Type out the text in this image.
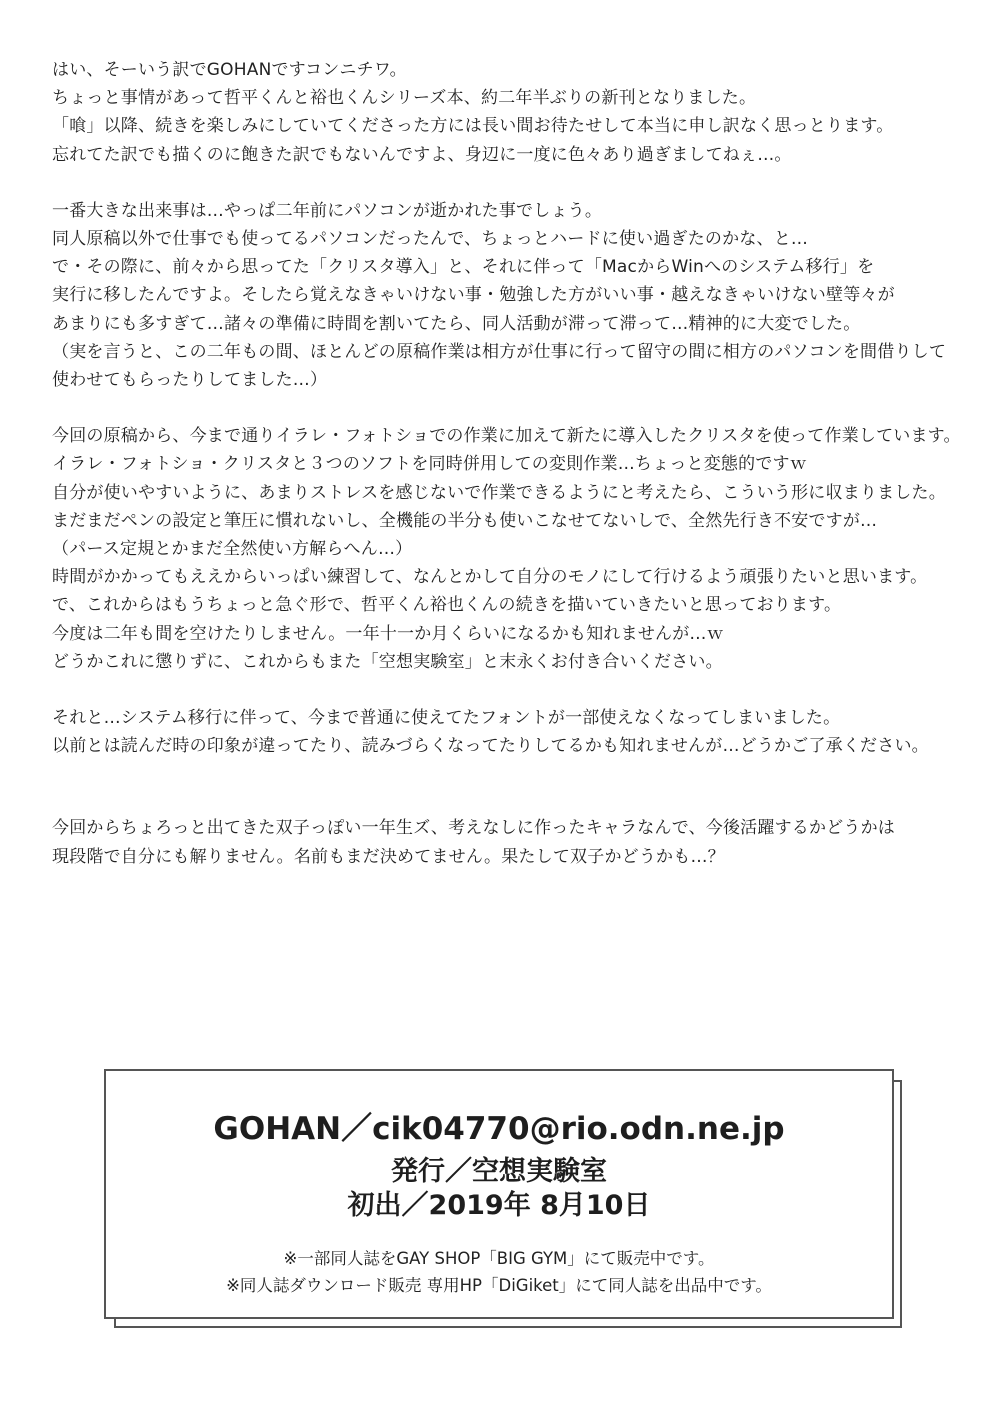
はい、そーいう訳でGOHANですコンニチワ。
ちょっと事情があって哲平くんと裕也くんシリーズ本、約二年半ぶりの新刊となりました。
「喰」以降、続きを楽しみにしていてくださった方には長い間お待たせして本当に申し訳なく思っとります。
忘れてた訳でも描くのに飽きた訳でもないんですよ、身辺に一度に色々あり過ぎましてねぇ…。
一番大きな出来事は…やっぱ二年前にパソコンが逝かれた事でしょう。
同人原稿以外で仕事でも使ってるパソコンだったんで、ちょっとハードに使い過ぎたのかな、と…
で・その際に、前々から思ってた「クリスタ導入」と、それに伴って「MacからWinへのシステム移行」を
実行に移したんですよ。そしたら覚えなきゃいけない事・勉強した方がいい事・越えなきゃいけない壁等々が
あまりにも多すぎて…諸々の準備に時間を割いてたら、同人活動が滞って滞って…精神的に大変でした。
（実を言うと、この二年もの間、ほとんどの原稿作業は相方が仕事に行って留守の間に相方のパソコンを間借りして
使わせてもらったりしてました…）
今回の原稿から、今まで通りイラレ・フォトショでの作業に加えて新たに導入したクリスタを使って作業しています。
イラレ・フォトショ・クリスタと３つのソフトを同時併用しての変則作業…ちょっと変態的ですｗ
自分が使いやすいように、あまりストレスを感じないで作業できるようにと考えたら、こういう形に収まりました。
まだまだペンの設定と筆圧に慣れないし、全機能の半分も使いこなせてないしで、全然先行き不安ですが…
（パース定規とかまだ全然使い方解らへん…）
時間がかかってもええからいっぱい練習して、なんとかして自分のモノにして行けるよう頑張りたいと思います。
で、これからはもうちょっと急ぐ形で、哲平くん裕也くんの続きを描いていきたいと思っております。
今度は二年も間を空けたりしません。一年十一か月くらいになるかも知れませんが…ｗ
どうかこれに懲りずに、これからもまた「空想実験室」と末永くお付き合いください。
それと…システム移行に伴って、今まで普通に使えてたフォントが一部使えなくなってしまいました。
以前とは読んだ時の印象が違ってたり、読みづらくなってたりしてるかも知れませんが…どうかご了承ください。
今回からちょろっと出てきた双子っぽい一年生ズ、考えなしに作ったキャラなんで、今後活躍するかどうかは
現段階で自分にも解りません。名前もまだ決めてません。果たして双子かどうかも…？
GOHAN／cik04770@rio.odn.ne.jp
発行／空想実験室
初出／2019年 8月10日
※一部同人誌をGAY SHOP「BIG GYM」にて販売中です。
※同人誌ダウンロード販売 専用HP「DiGiket」にて同人誌を出品中です。
